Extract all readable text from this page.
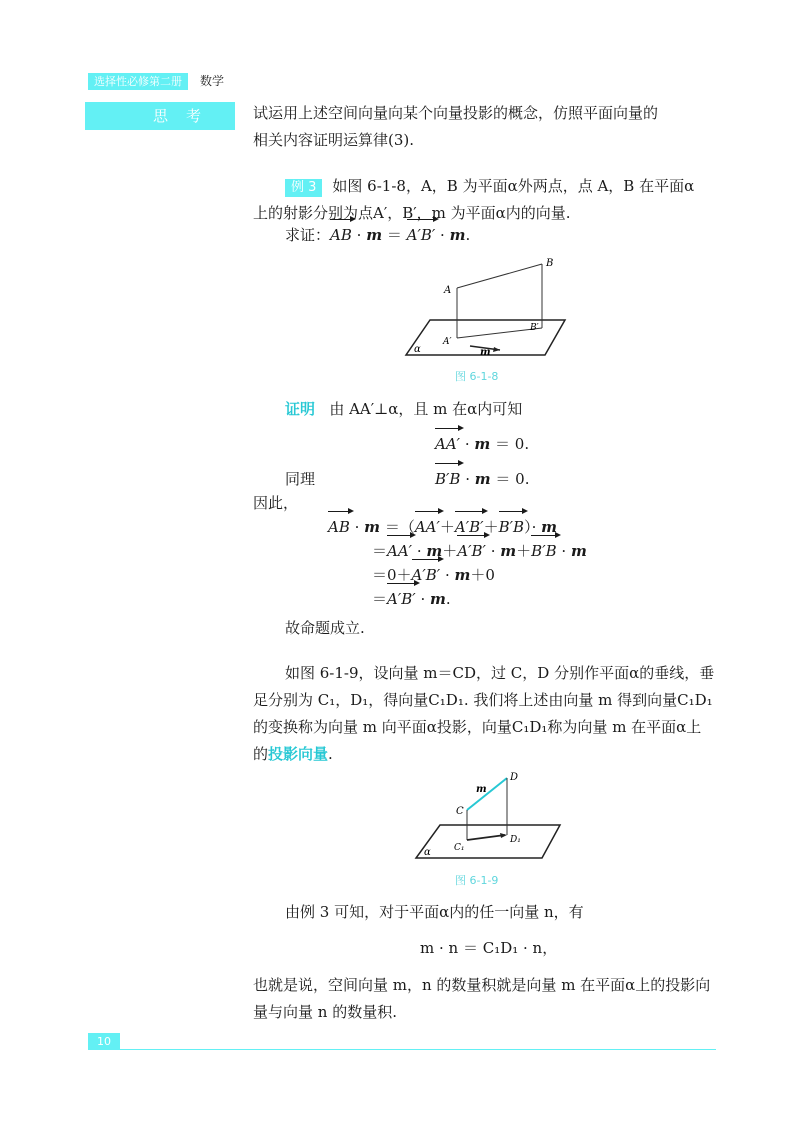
选择性必修第二册	数学
思考	试运用上述空间向量向某个向量投影的概念，仿照平面向量的
相关内容证明运算律(3).
例 3 如图 6-1-8，A，B 为平面α外两点，点 A，B 在平面α
上的射影分别为点A′，B′，m 为平面α内的向量.
求证：AB · m ＝ A′B′ · m.
A
B
A′
B′
α	m
图 6-1-8
证明 由 AA′⊥α，且 m 在α内可知
AA′ · m ＝ 0.
同理	B′B · m ＝ 0.
因此，
AB · m ＝（AA′＋A′B′＋B′B）· m
＝AA′ · m＋A′B′ · m＋B′B · m
＝0＋A′B′ · m＋0
＝A′B′ · m.
故命题成立.
如图 6-1-9，设向量 m＝CD，过 C，D 分别作平面α的垂线，垂
足分别为 C₁，D₁，得向量C₁D₁. 我们将上述由向量 m 得到向量C₁D₁
的变换称为向量 m 向平面α投影，向量C₁D₁称为向量 m 在平面α上
的投影向量.
C
D
C₁
D₁
α
m
图 6-1-9
由例 3 可知，对于平面α内的任一向量 n，有
m · n ＝ C₁D₁ · n，
也就是说，空间向量 m，n 的数量积就是向量 m 在平面α上的投影向
量与向量 n 的数量积.
10
